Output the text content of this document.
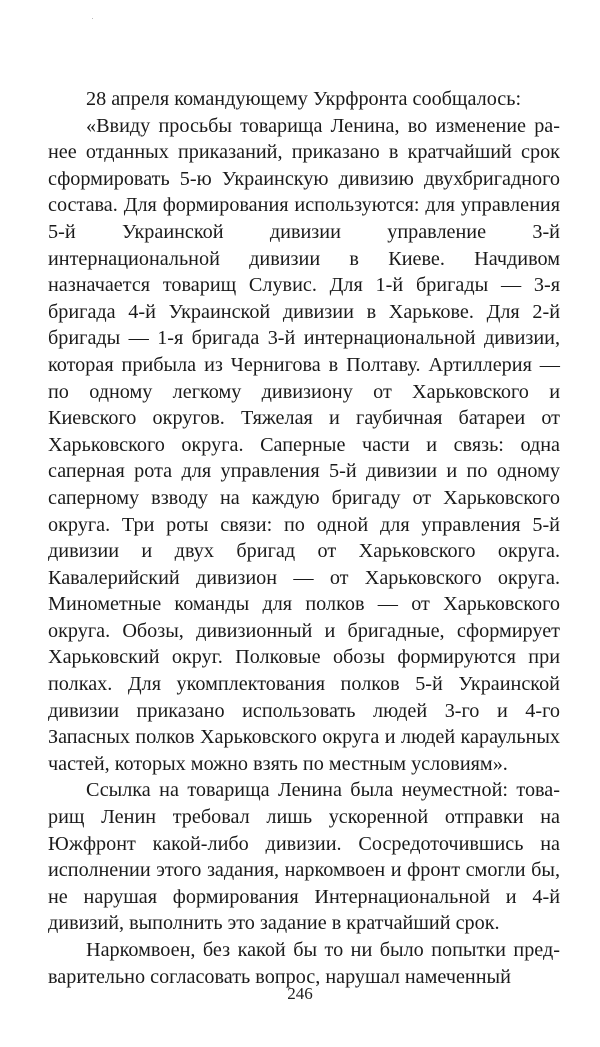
28 апреля командующему Укрфронта сообщалось:

«Ввиду просьбы товарища Ленина, во изменение ранее отданных приказаний, приказано в кратчайший срок сформировать 5-ю Украинскую дивизию двухбригадного состава. Для формирования используются: для управления 5-й Украинской дивизии управление 3-й интернациональной дивизии в Киеве. Начдивом назначается товарищ Слувис. Для 1-й бригады — 3-я бригада 4-й Украинской дивизии в Харькове. Для 2-й бригады — 1-я бригада 3-й интернациональной дивизии, которая прибыла из Чернигова в Полтаву. Артиллерия — по одному легкому дивизиону от Харьковского и Киевского округов. Тяжелая и гаубичная батареи от Харьковского округа. Саперные части и связь: одна саперная рота для управления 5-й дивизии и по одному саперному взводу на каждую бригаду от Харьковского округа. Три роты связи: по одной для управления 5-й дивизии и двух бригад от Харьковского округа. Кавалерийский дивизион — от Харьковского округа. Минометные команды для полков — от Харьковского округа. Обозы, дивизионный и бригадные, сформирует Харьковский округ. Полковые обозы формируются при полках. Для укомплектования полков 5-й Украинской дивизии приказано использовать людей 3-го и 4-го Запасных полков Харьковского округа и людей караульных частей, которых можно взять по местным условиям».

Ссылка на товарища Ленина была неуместной: товарищ Ленин требовал лишь ускоренной отправки на Южфронт какой-либо дивизии. Сосредоточившись на исполнении этого задания, наркомвоен и фронт смогли бы, не нарушая формирования Интернациональной и 4-й дивизий, выполнить это задание в кратчайший срок.

Наркомвоен, без какой бы то ни было попытки предварительно согласовать вопрос, нарушал намеченный

246
